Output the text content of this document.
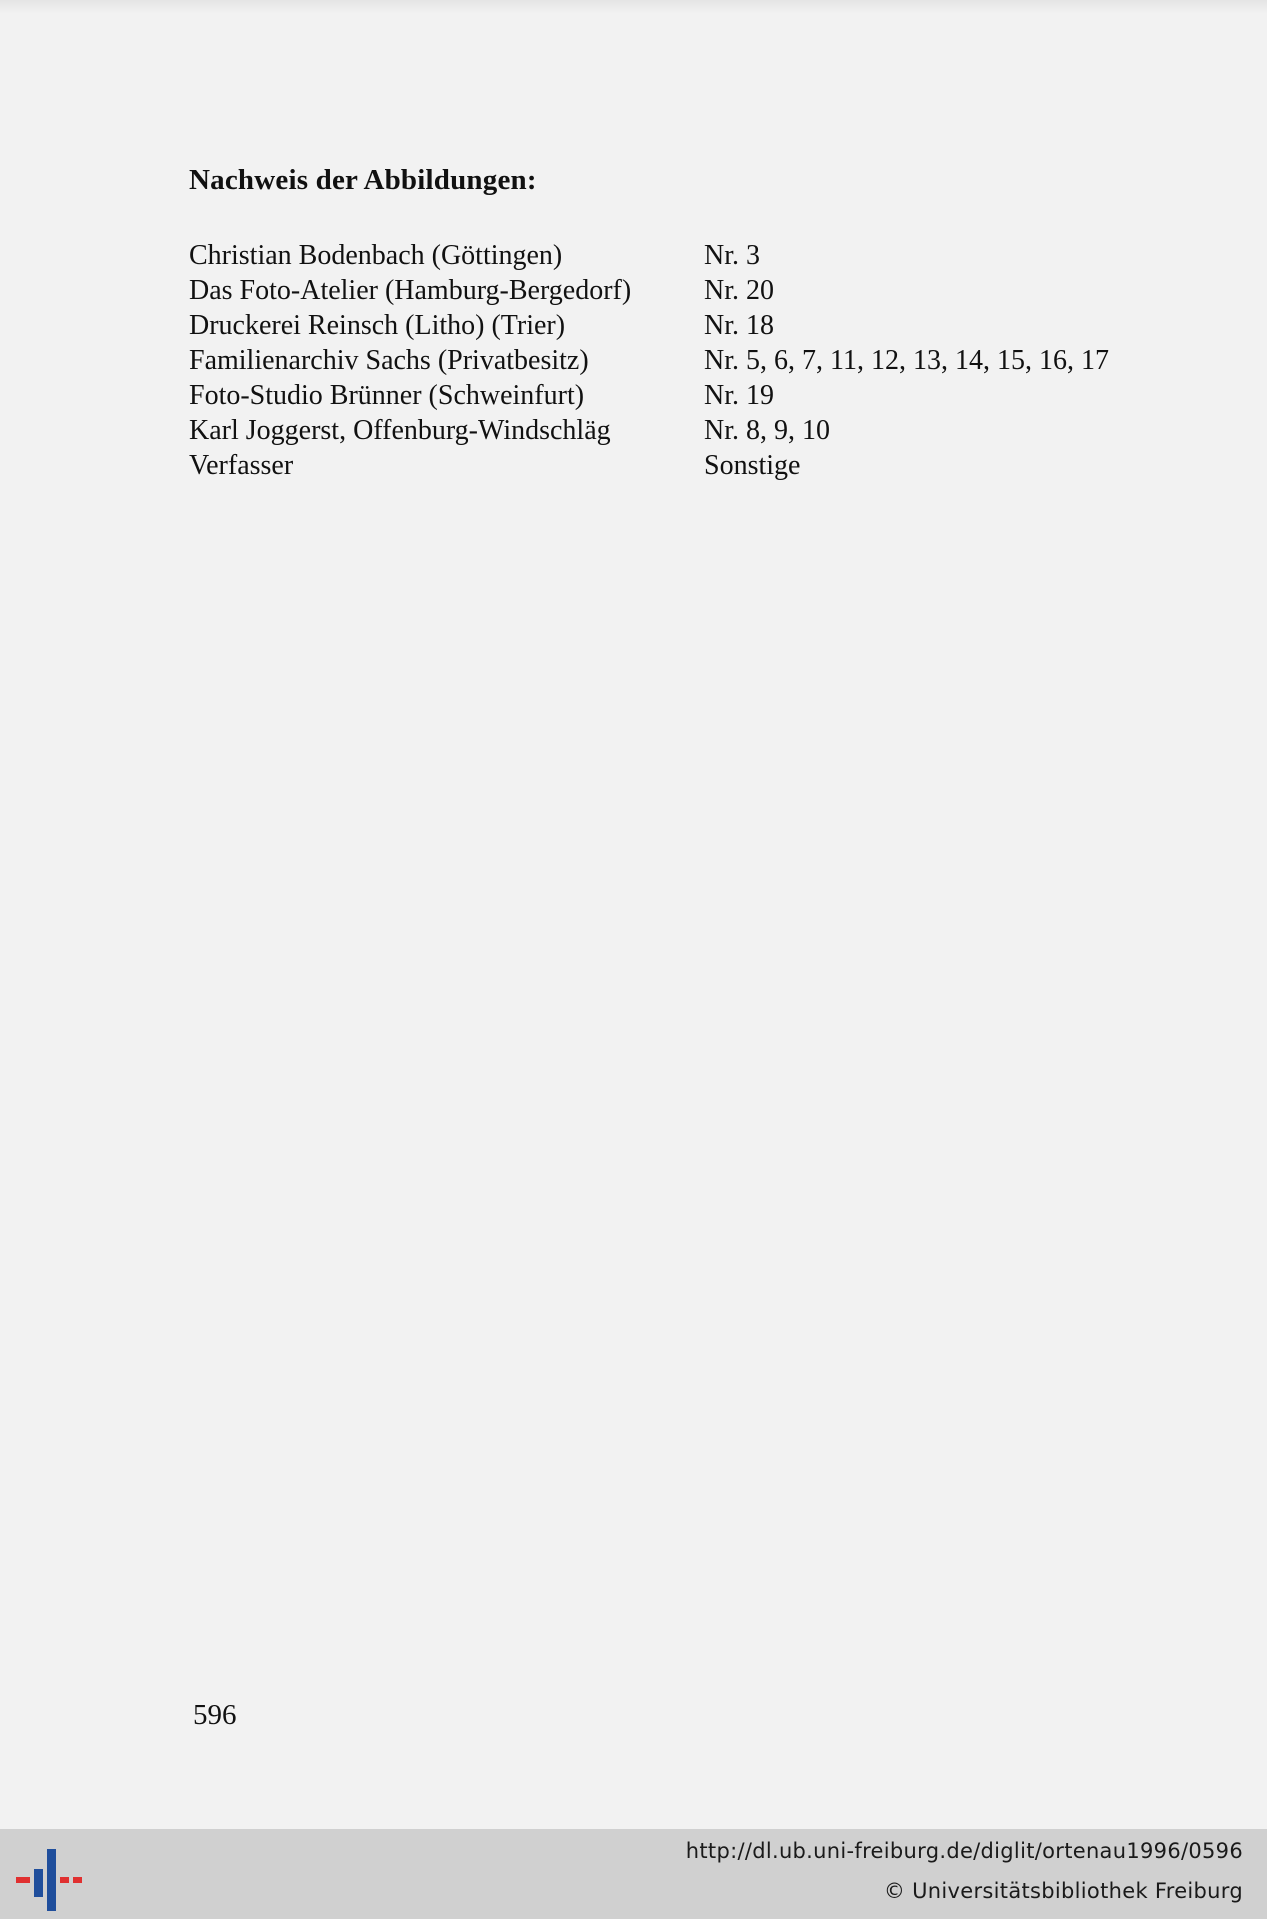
Nachweis der Abbildungen:
Christian Bodenbach (Göttingen)	Nr. 3
Das Foto-Atelier (Hamburg-Bergedorf)	Nr. 20
Druckerei Reinsch (Litho) (Trier)	Nr. 18
Familienarchiv Sachs (Privatbesitz)	Nr. 5, 6, 7, 11, 12, 13, 14, 15, 16, 17
Foto-Studio Brünner (Schweinfurt)	Nr. 19
Karl Joggerst, Offenburg-Windschläg	Nr. 8, 9, 10
Verfasser	Sonstige
596
http://dl.ub.uni-freiburg.de/diglit/ortenau1996/0596
© Universitätsbibliothek Freiburg
